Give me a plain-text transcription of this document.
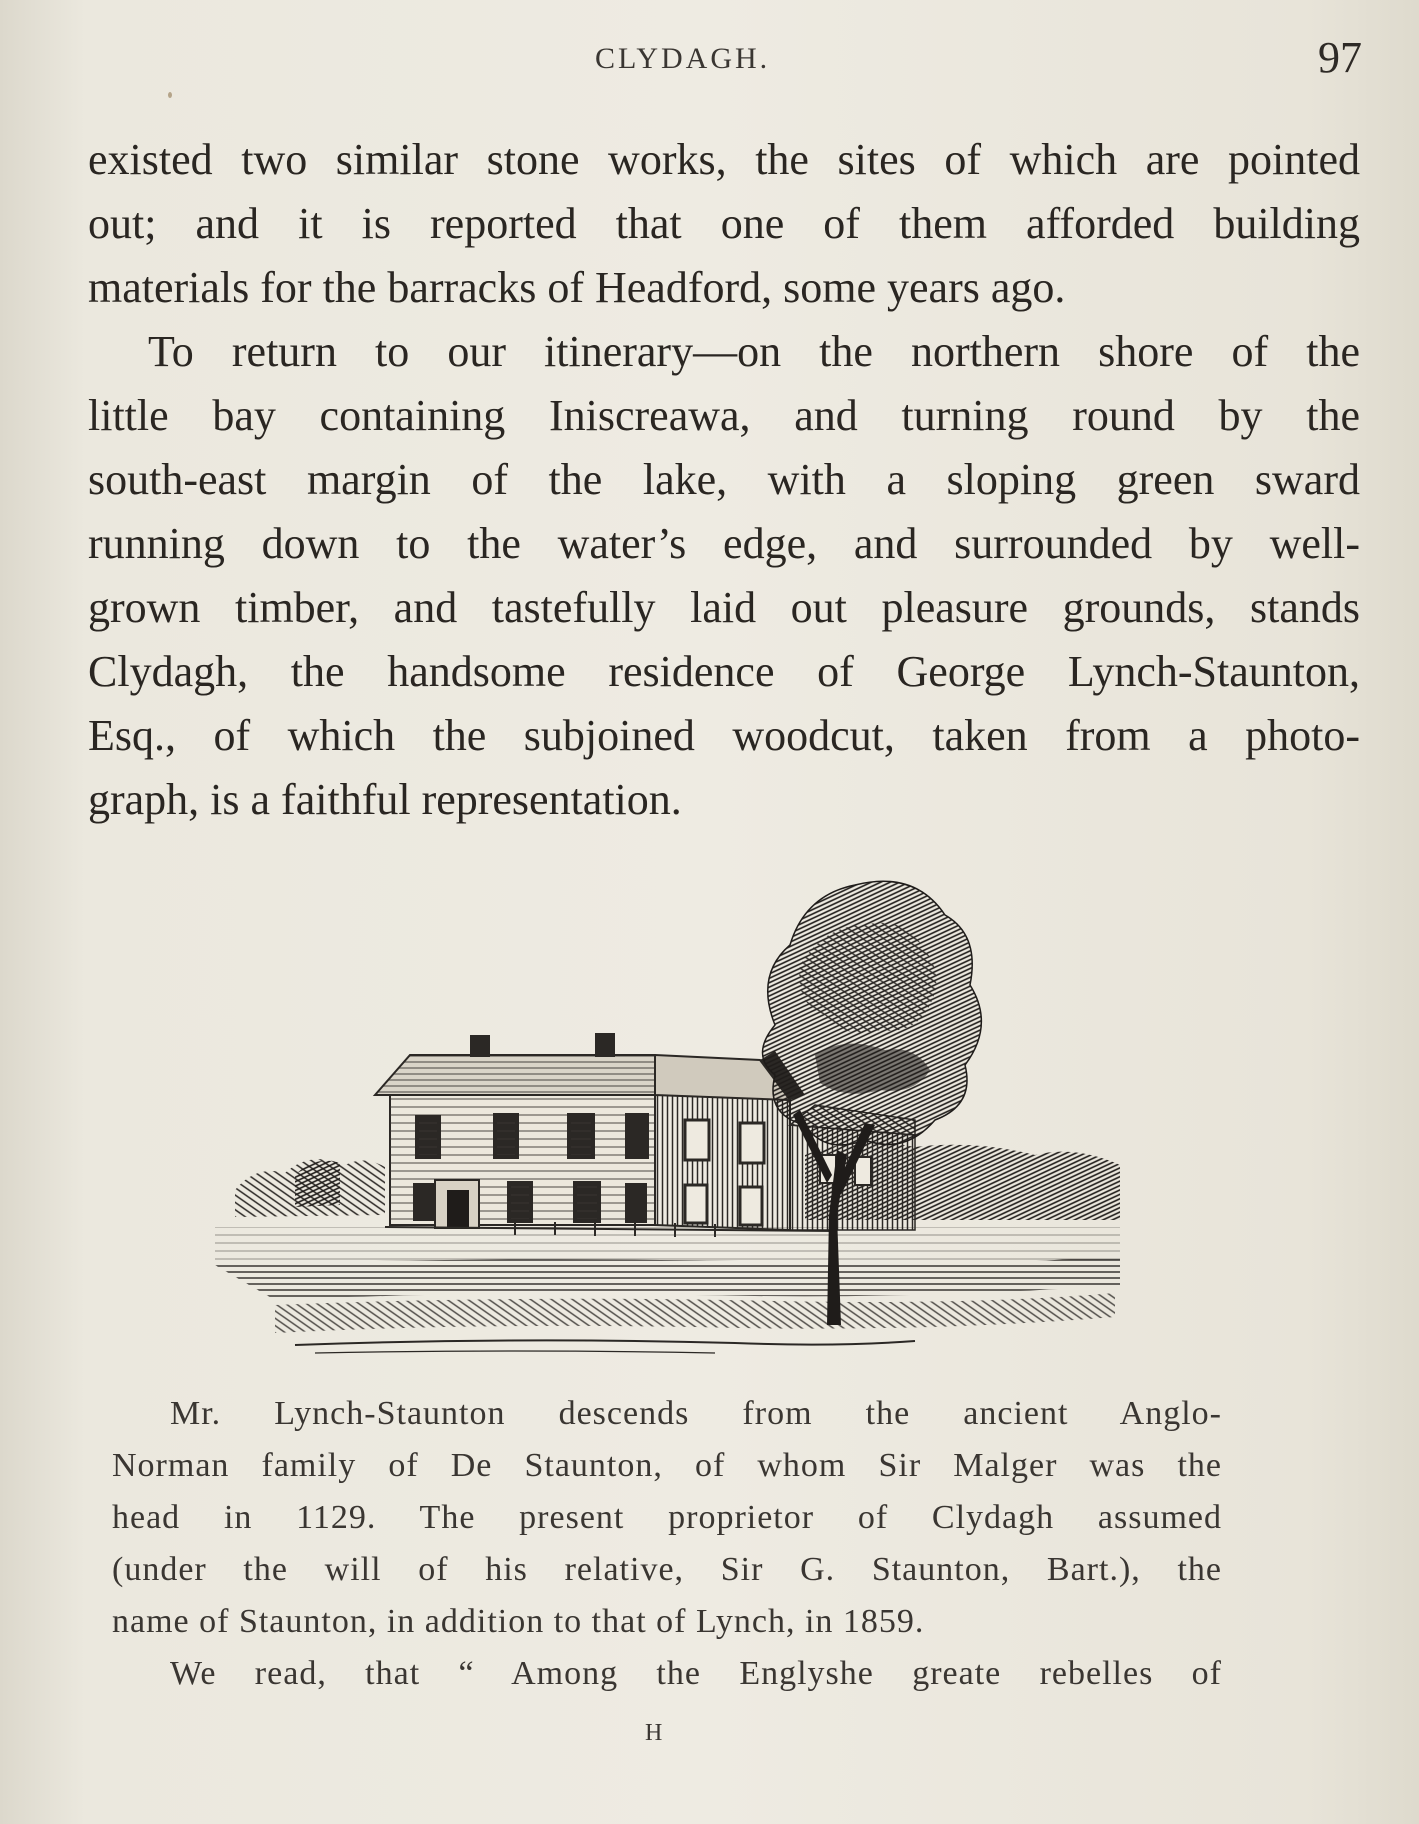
CLYDAGH.	97
existed two similar stone works, the sites of which are pointed
out; and it is reported that one of them afforded building
materials for the barracks of Headford, some years ago.
To return to our itinerary—on the northern shore of the
little bay containing Iniscreawa, and turning round by the
south-east margin of the lake, with a sloping green sward
running down to the water’s edge, and surrounded by well-
grown timber, and tastefully laid out pleasure grounds, stands
Clydagh, the handsome residence of George Lynch-Staunton,
Esq., of which the subjoined woodcut, taken from a photo-
graph, is a faithful representation.
Mr. Lynch-Staunton descends from the ancient Anglo-
Norman family of De Staunton, of whom Sir Malger was the
head in 1129. The present proprietor of Clydagh assumed
(under the will of his relative, Sir G. Staunton, Bart.), the
name of Staunton, in addition to that of Lynch, in 1859.
We read, that “ Among the Englyshe greate rebelles of
H
